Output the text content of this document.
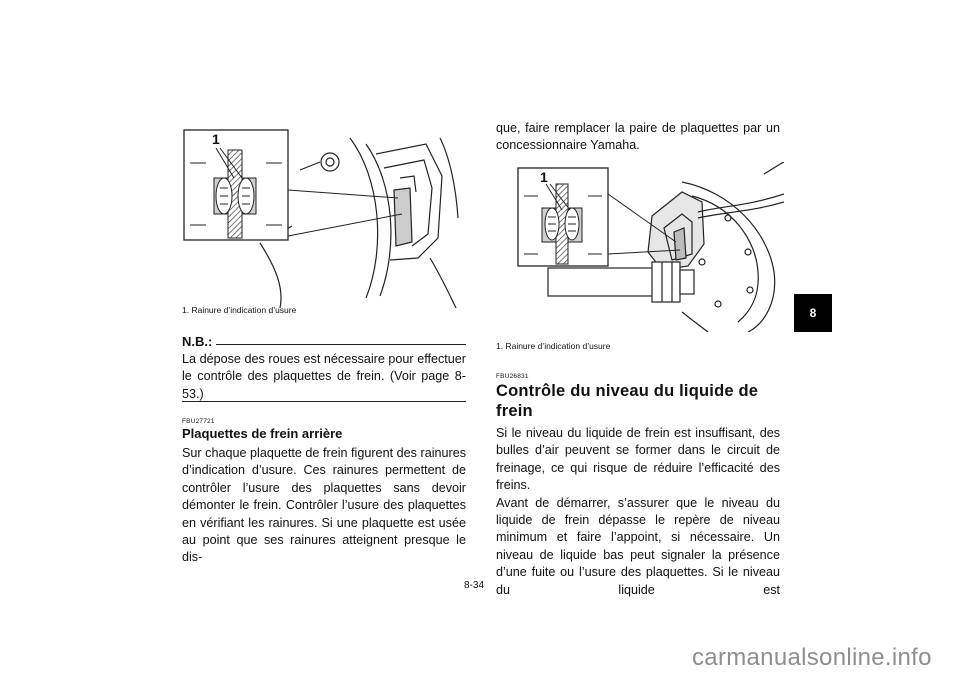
1
1. Rainure d’indication d’usure
N.B.:

La dépose des roues est nécessaire pour effectuer le contrôle des plaquettes de frein. (Voir page 8-53.)

FBU27721
Plaquettes de frein arrière

Sur chaque plaquette de frein figurent des rainures d’indication d’usure. Ces rainures permettent de contrôler l’usure des plaquettes sans devoir démonter le frein. Contrôler l’usure des plaquettes en vérifiant les rainures. Si une plaquette est usée au point que ses rainures atteignent presque le dis-

que, faire remplacer la paire de plaquettes par un concessionnaire Yamaha.

1
1. Rainure d’indication d’usure
FBU26831
Contrôle du niveau du liquide de frein

Si le niveau du liquide de frein est insuffisant, des bulles d’air peuvent se former dans le circuit de freinage, ce qui risque de réduire l’efficacité des freins.

Avant de démarrer, s’assurer que le niveau du liquide de frein dépasse le repère de niveau minimum et faire l’appoint, si nécessaire. Un niveau de liquide bas peut signaler la présence d’une fuite ou l’usure des plaquettes. Si le niveau du liquide est

8
8-34
carmanualsonline.info
